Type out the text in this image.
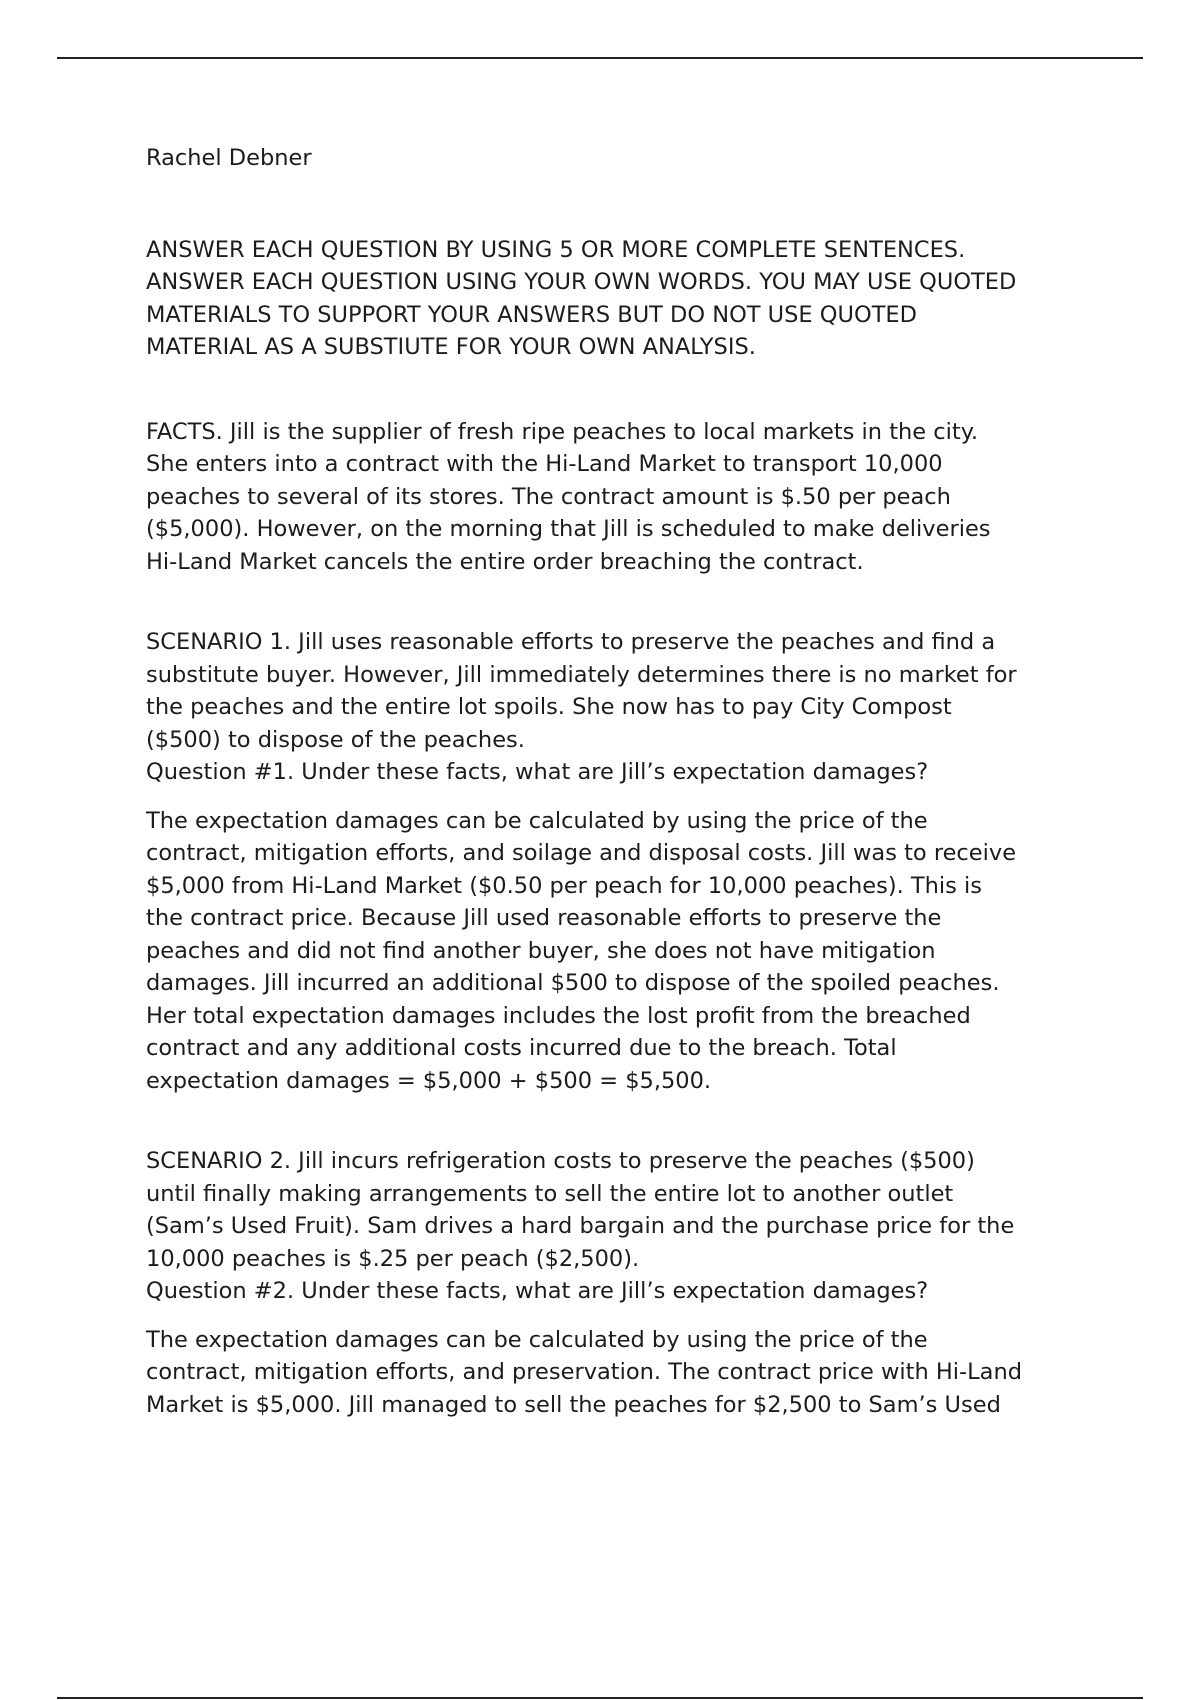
Rachel Debner

ANSWER EACH QUESTION BY USING 5 OR MORE COMPLETE SENTENCES.
ANSWER EACH QUESTION USING YOUR OWN WORDS. YOU MAY USE QUOTED
MATERIALS TO SUPPORT YOUR ANSWERS BUT DO NOT USE QUOTED
MATERIAL AS A SUBSTIUTE FOR YOUR OWN ANALYSIS.

FACTS. Jill is the supplier of fresh ripe peaches to local markets in the city.
She enters into a contract with the Hi-Land Market to transport 10,000
peaches to several of its stores. The contract amount is $.50 per peach
($5,000). However, on the morning that Jill is scheduled to make deliveries
Hi-Land Market cancels the entire order breaching the contract.

SCENARIO 1. Jill uses reasonable efforts to preserve the peaches and find a
substitute buyer. However, Jill immediately determines there is no market for
the peaches and the entire lot spoils. She now has to pay City Compost
($500) to dispose of the peaches.
Question #1. Under these facts, what are Jill’s expectation damages?

The expectation damages can be calculated by using the price of the
contract, mitigation efforts, and soilage and disposal costs. Jill was to receive
$5,000 from Hi-Land Market ($0.50 per peach for 10,000 peaches). This is
the contract price. Because Jill used reasonable efforts to preserve the
peaches and did not find another buyer, she does not have mitigation
damages. Jill incurred an additional $500 to dispose of the spoiled peaches.
Her total expectation damages includes the lost profit from the breached
contract and any additional costs incurred due to the breach. Total
expectation damages = $5,000 + $500 = $5,500.

SCENARIO 2. Jill incurs refrigeration costs to preserve the peaches ($500)
until finally making arrangements to sell the entire lot to another outlet
(Sam’s Used Fruit). Sam drives a hard bargain and the purchase price for the
10,000 peaches is $.25 per peach ($2,500).
Question #2. Under these facts, what are Jill’s expectation damages?

The expectation damages can be calculated by using the price of the
contract, mitigation efforts, and preservation. The contract price with Hi-Land
Market is $5,000. Jill managed to sell the peaches for $2,500 to Sam’s Used
